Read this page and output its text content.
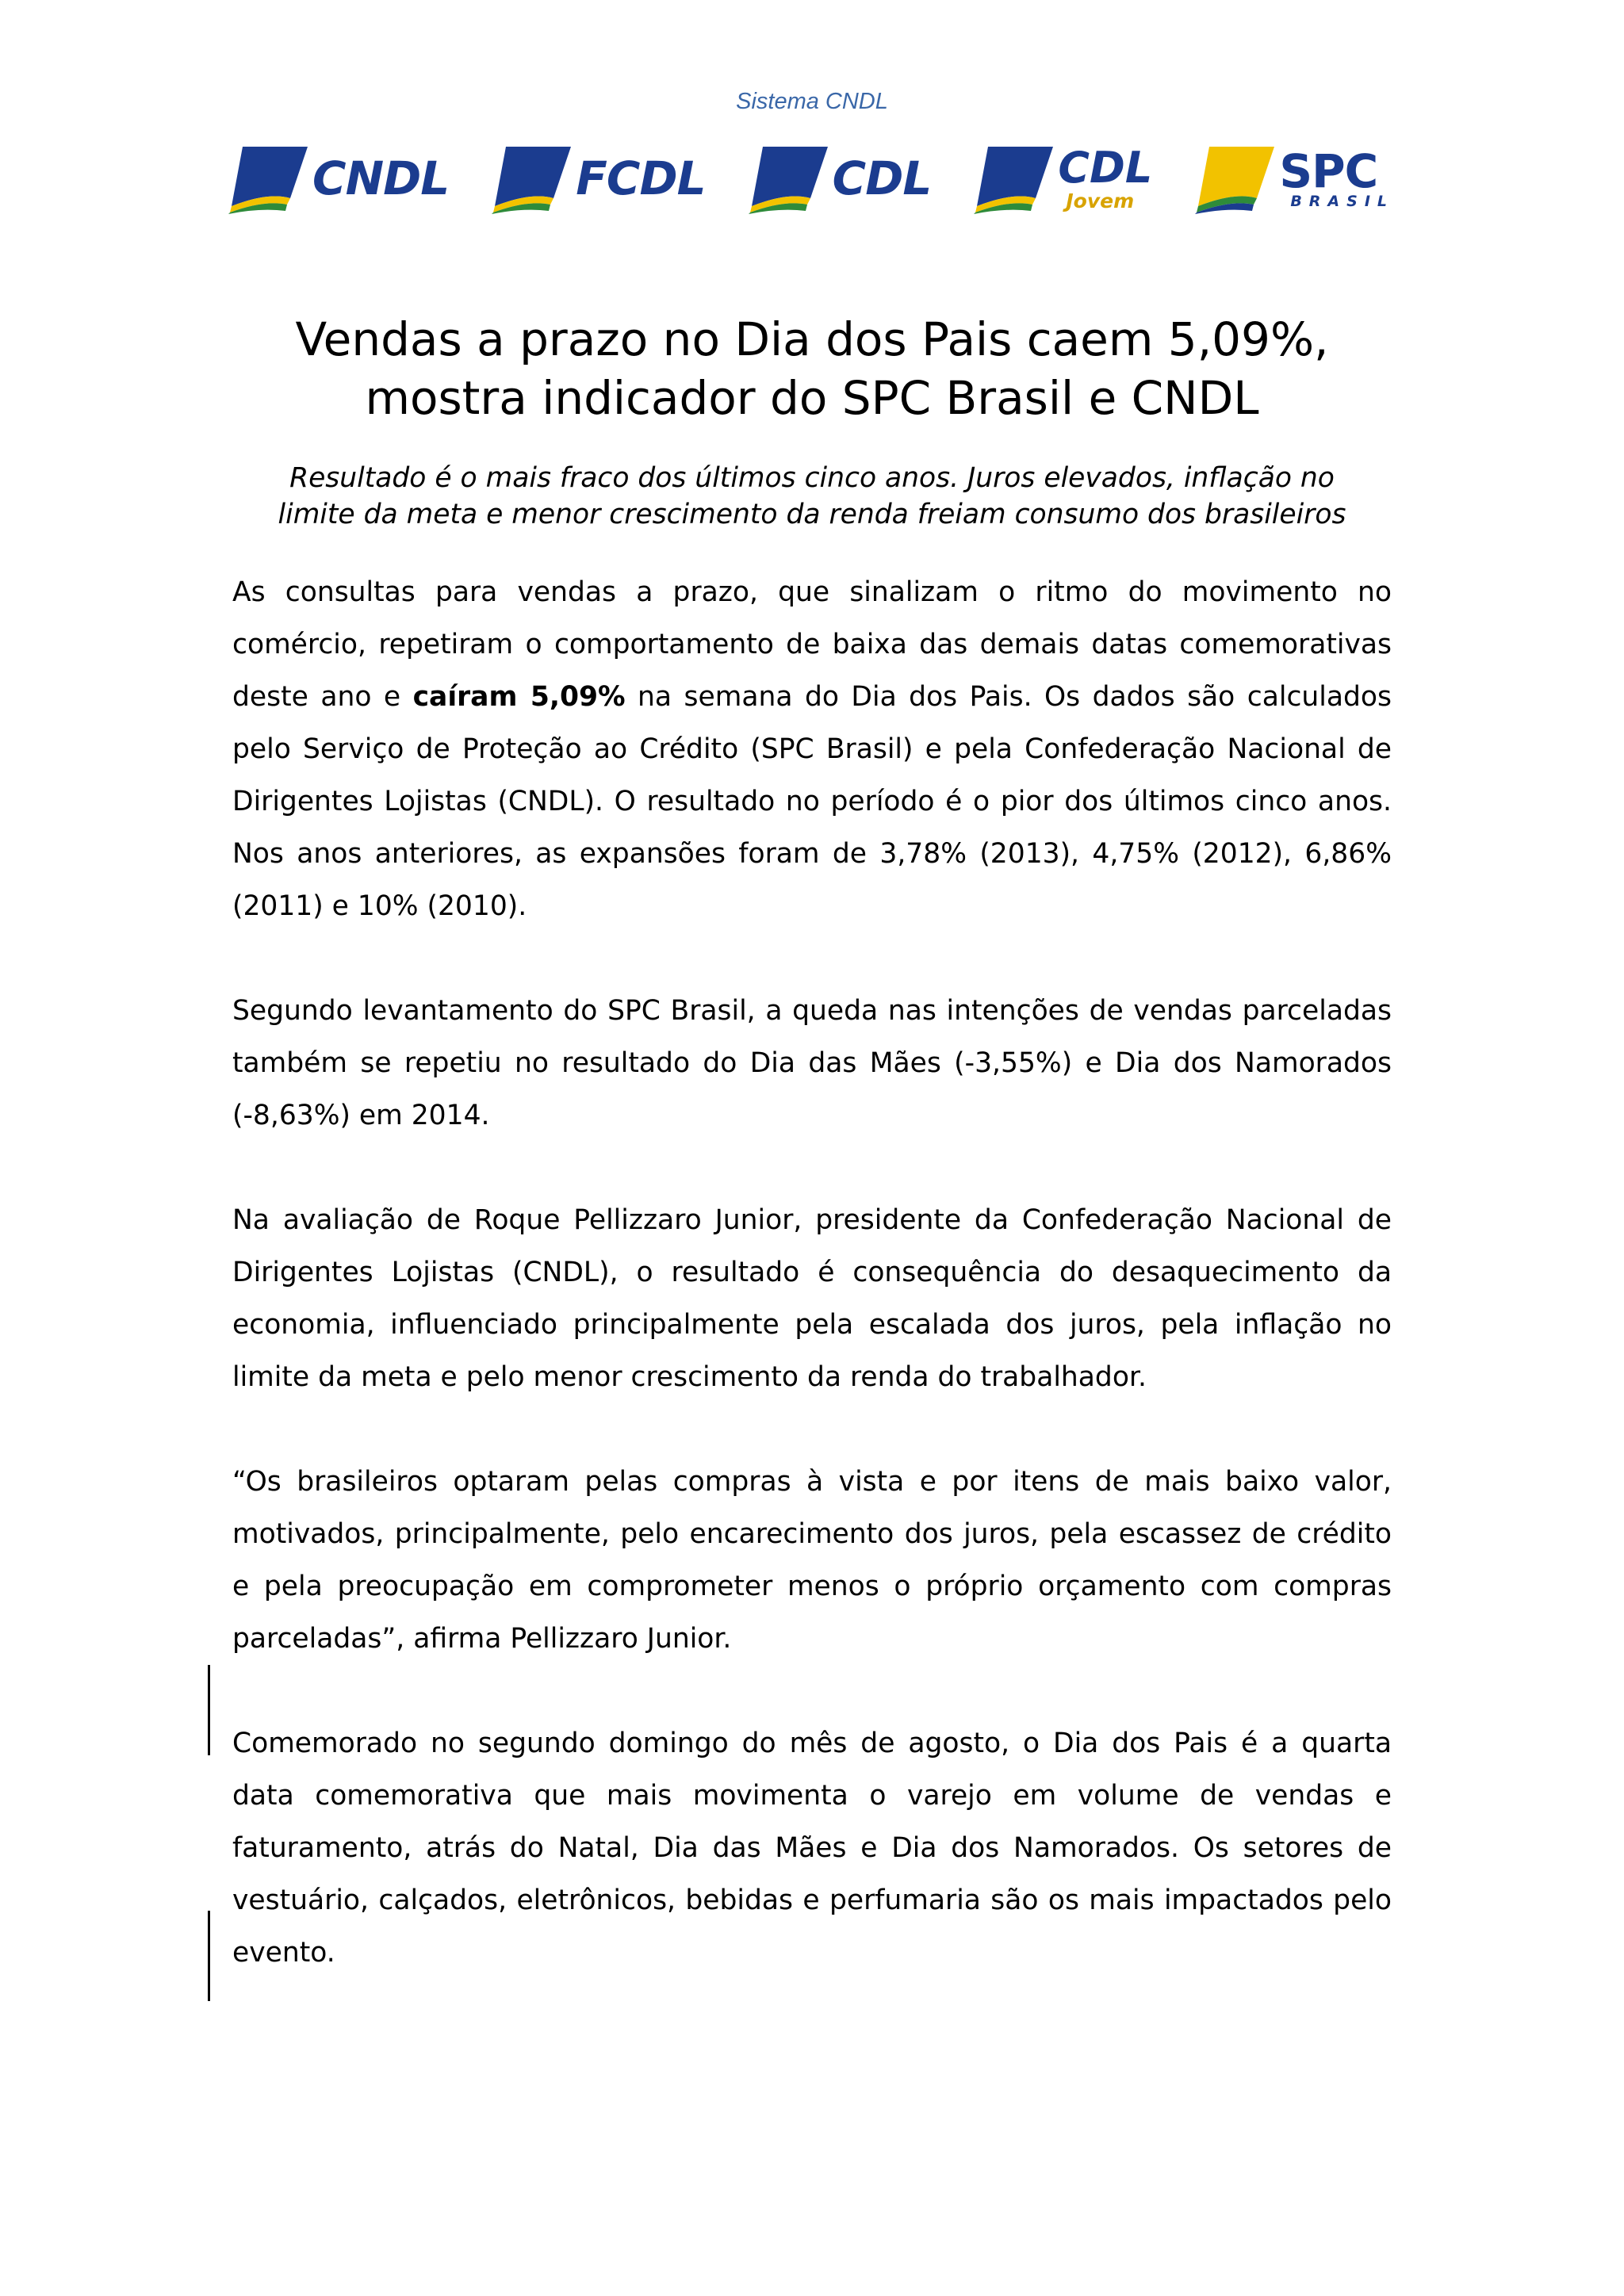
Sistema CNDL
CNDL	FCDL	CDL	CDL
Jovem
SPC
BRASIL
Vendas a prazo no Dia dos Pais caem 5,09%,
mostra indicador do SPC Brasil e CNDL
Resultado é o mais fraco dos últimos cinco anos. Juros elevados, inflação no
limite da meta e menor crescimento da renda freiam consumo dos brasileiros

As consultas para vendas a prazo, que sinalizam o ritmo do movimento no comércio, repetiram o comportamento de baixa das demais datas comemorativas deste ano e caíram 5,09% na semana do Dia dos Pais. Os dados são calculados pelo Serviço de Proteção ao Crédito (SPC Brasil) e pela Confederação Nacional de Dirigentes Lojistas (CNDL). O resultado no período é o pior dos últimos cinco anos. Nos anos anteriores, as expansões foram de 3,78% (2013), 4,75% (2012), 6,86% (2011) e 10% (2010).

Segundo levantamento do SPC Brasil, a queda nas intenções de vendas parceladas também se repetiu no resultado do Dia das Mães (-3,55%) e Dia dos Namorados (-8,63%) em 2014.

Na avaliação de Roque Pellizzaro Junior, presidente da Confederação Nacional de Dirigentes Lojistas (CNDL), o resultado é consequência do desaquecimento da economia, influenciado principalmente pela escalada dos juros, pela inflação no limite da meta e pelo menor crescimento da renda do trabalhador.

“Os brasileiros optaram pelas compras à vista e por itens de mais baixo valor, motivados, principalmente, pelo encarecimento dos juros, pela escassez de crédito e pela preocupação em comprometer menos o próprio orçamento com compras parceladas”, afirma Pellizzaro Junior.

Comemorado no segundo domingo do mês de agosto, o Dia dos Pais é a quarta data comemorativa que mais movimenta o varejo em volume de vendas e faturamento, atrás do Natal, Dia das Mães e Dia dos Namorados. Os setores de vestuário, calçados, eletrônicos, bebidas e perfumaria são os mais impactados pelo evento.
